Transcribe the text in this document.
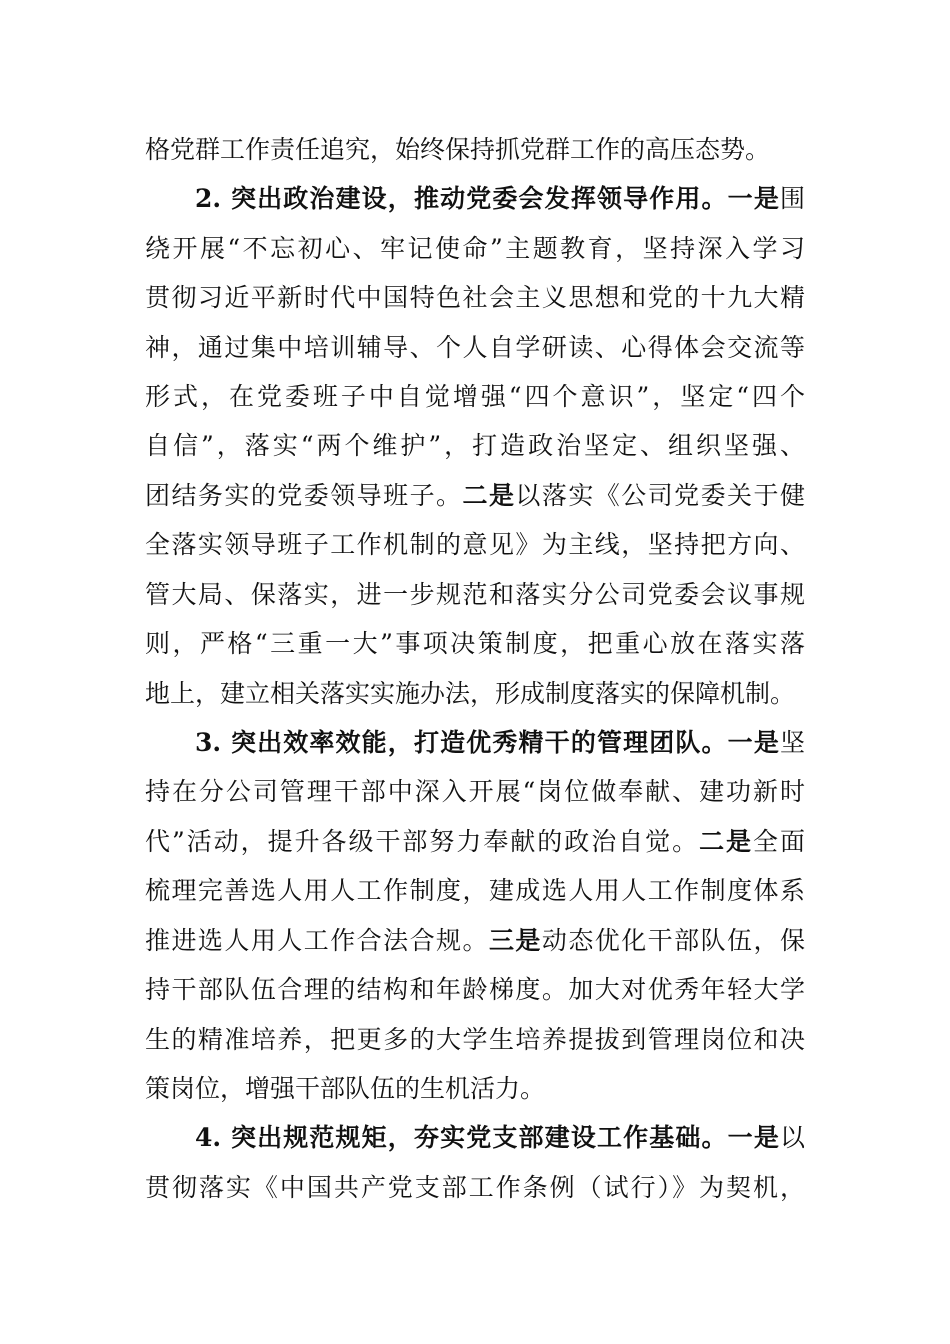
格党群工作责任追究，始终保持抓党群工作的高压态势。
2. 突出政治建设，推动党委会发挥领导作用。一是围
绕开展“不忘初心、牢记使命”主题教育，坚持深入学习
贯彻习近平新时代中国特色社会主义思想和党的十九大精
神，通过集中培训辅导、个人自学研读、心得体会交流等
形式，在党委班子中自觉增强“四个意识”，坚定“四个
自信”，落实“两个维护”，打造政治坚定、组织坚强、
团结务实的党委领导班子。二是以落实《公司党委关于健
全落实领导班子工作机制的意见》为主线，坚持把方向、
管大局、保落实，进一步规范和落实分公司党委会议事规
则，严格“三重一大”事项决策制度，把重心放在落实落
地上，建立相关落实实施办法，形成制度落实的保障机制。
3. 突出效率效能，打造优秀精干的管理团队。一是坚
持在分公司管理干部中深入开展“岗位做奉献、建功新时
代”活动，提升各级干部努力奉献的政治自觉。二是全面
梳理完善选人用人工作制度，建成选人用人工作制度体系
推进选人用人工作合法合规。三是动态优化干部队伍，保
持干部队伍合理的结构和年龄梯度。加大对优秀年轻大学
生的精准培养，把更多的大学生培养提拔到管理岗位和决
策岗位，增强干部队伍的生机活力。
4. 突出规范规矩，夯实党支部建设工作基础。一是以
贯彻落实《中国共产党支部工作条例（试行）》为契机，
